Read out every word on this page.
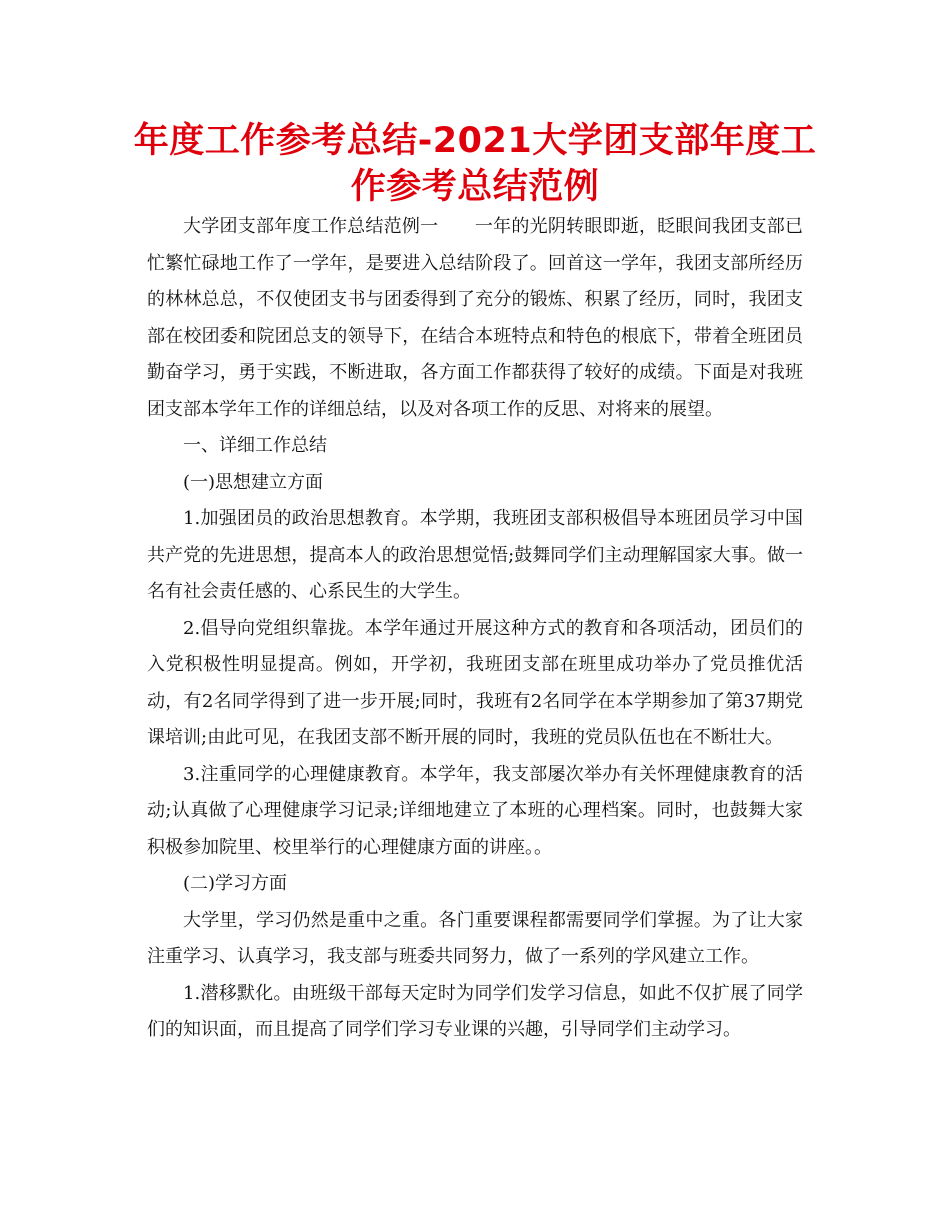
年度工作参考总结-2021大学团支部年度工作参考总结范例

大学团支部年度工作总结范例一　　一年的光阴转眼即逝，眨眼间我团支部已忙繁忙碌地工作了一学年，是要进入总结阶段了。回首这一学年，我团支部所经历的林林总总，不仅使团支书与团委得到了充分的锻炼、积累了经历，同时，我团支部在校团委和院团总支的领导下，在结合本班特点和特色的根底下，带着全班团员勤奋学习，勇于实践，不断进取，各方面工作都获得了较好的成绩。下面是对我班团支部本学年工作的详细总结，以及对各项工作的反思、对将来的展望。

一、详细工作总结

(一)思想建立方面

1.加强团员的政治思想教育。本学期，我班团支部积极倡导本班团员学习中国共产党的先进思想，提高本人的政治思想觉悟;鼓舞同学们主动理解国家大事。做一名有社会责任感的、心系民生的大学生。

2.倡导向党组织靠拢。本学年通过开展这种方式的教育和各项活动，团员们的入党积极性明显提高。例如，开学初，我班团支部在班里成功举办了党员推优活动，有2名同学得到了进一步开展;同时，我班有2名同学在本学期参加了第37期党课培训;由此可见，在我团支部不断开展的同时，我班的党员队伍也在不断壮大。

3.注重同学的心理健康教育。本学年，我支部屡次举办有关怀理健康教育的活动;认真做了心理健康学习记录;详细地建立了本班的心理档案。同时，也鼓舞大家积极参加院里、校里举行的心理健康方面的讲座。。

(二)学习方面

大学里，学习仍然是重中之重。各门重要课程都需要同学们掌握。为了让大家注重学习、认真学习，我支部与班委共同努力，做了一系列的学风建立工作。

1.潜移默化。由班级干部每天定时为同学们发学习信息，如此不仅扩展了同学们的知识面，而且提高了同学们学习专业课的兴趣，引导同学们主动学习。
